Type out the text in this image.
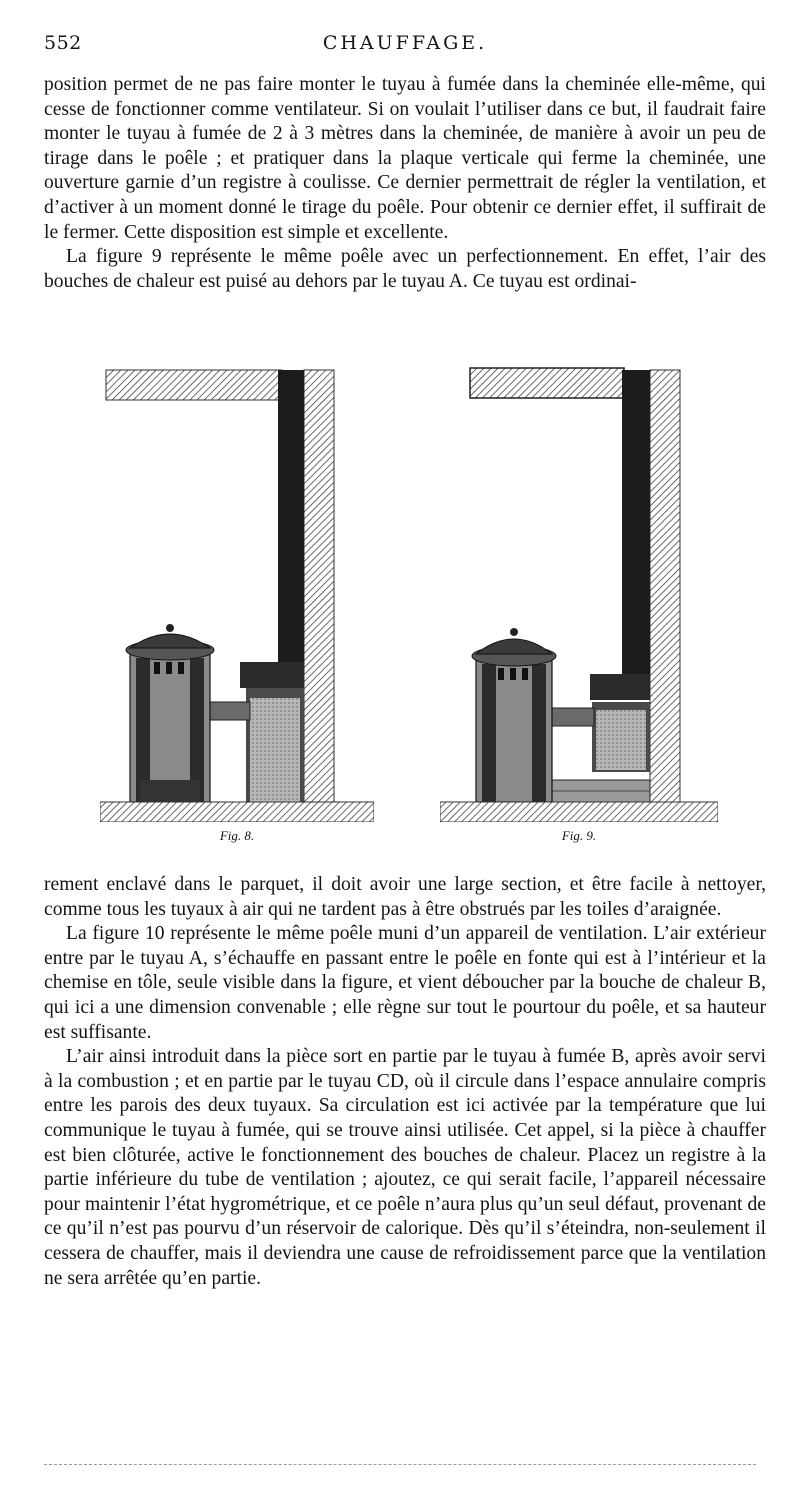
552	CHAUFFAGE.

position permet de ne pas faire monter le tuyau à fumée dans la cheminée elle-même, qui cesse de fonctionner comme ventilateur. Si on voulait l’utiliser dans ce but, il faudrait faire monter le tuyau à fumée de 2 à 3 mètres dans la cheminée, de manière à avoir un peu de tirage dans le poêle ; et pratiquer dans la plaque verticale qui ferme la cheminée, une ouverture garnie d’un registre à coulisse. Ce dernier permettrait de régler la ventilation, et d’activer à un moment donné le tirage du poêle. Pour obtenir ce dernier effet, il suffirait de le fermer. Cette disposition est simple et excellente.

La figure 9 représente le même poêle avec un perfectionnement. En effet, l’air des bouches de chaleur est puisé au dehors par le tuyau A. Ce tuyau est ordinai-

Fig. 8.	Fig. 9.

rement enclavé dans le parquet, il doit avoir une large section, et être facile à nettoyer, comme tous les tuyaux à air qui ne tardent pas à être obstrués par les toiles d’araignée.

La figure 10 représente le même poêle muni d’un appareil de ventilation. L’air extérieur entre par le tuyau A, s’échauffe en passant entre le poêle en fonte qui est à l’intérieur et la chemise en tôle, seule visible dans la figure, et vient déboucher par la bouche de chaleur B, qui ici a une dimension convenable ; elle règne sur tout le pourtour du poêle, et sa hauteur est suffisante.

L’air ainsi introduit dans la pièce sort en partie par le tuyau à fumée B, après avoir servi à la combustion ; et en partie par le tuyau CD, où il circule dans l’espace annulaire compris entre les parois des deux tuyaux. Sa circulation est ici activée par la température que lui communique le tuyau à fumée, qui se trouve ainsi utilisée. Cet appel, si la pièce à chauffer est bien clôturée, active le fonctionnement des bouches de chaleur. Placez un registre à la partie inférieure du tube de ventilation ; ajoutez, ce qui serait facile, l’appareil nécessaire pour maintenir l’état hygrométrique, et ce poêle n’aura plus qu’un seul défaut, provenant de ce qu’il n’est pas pourvu d’un réservoir de calorique. Dès qu’il s’éteindra, non-seulement il cessera de chauffer, mais il deviendra une cause de refroidissement parce que la ventilation ne sera arrêtée qu’en partie.
